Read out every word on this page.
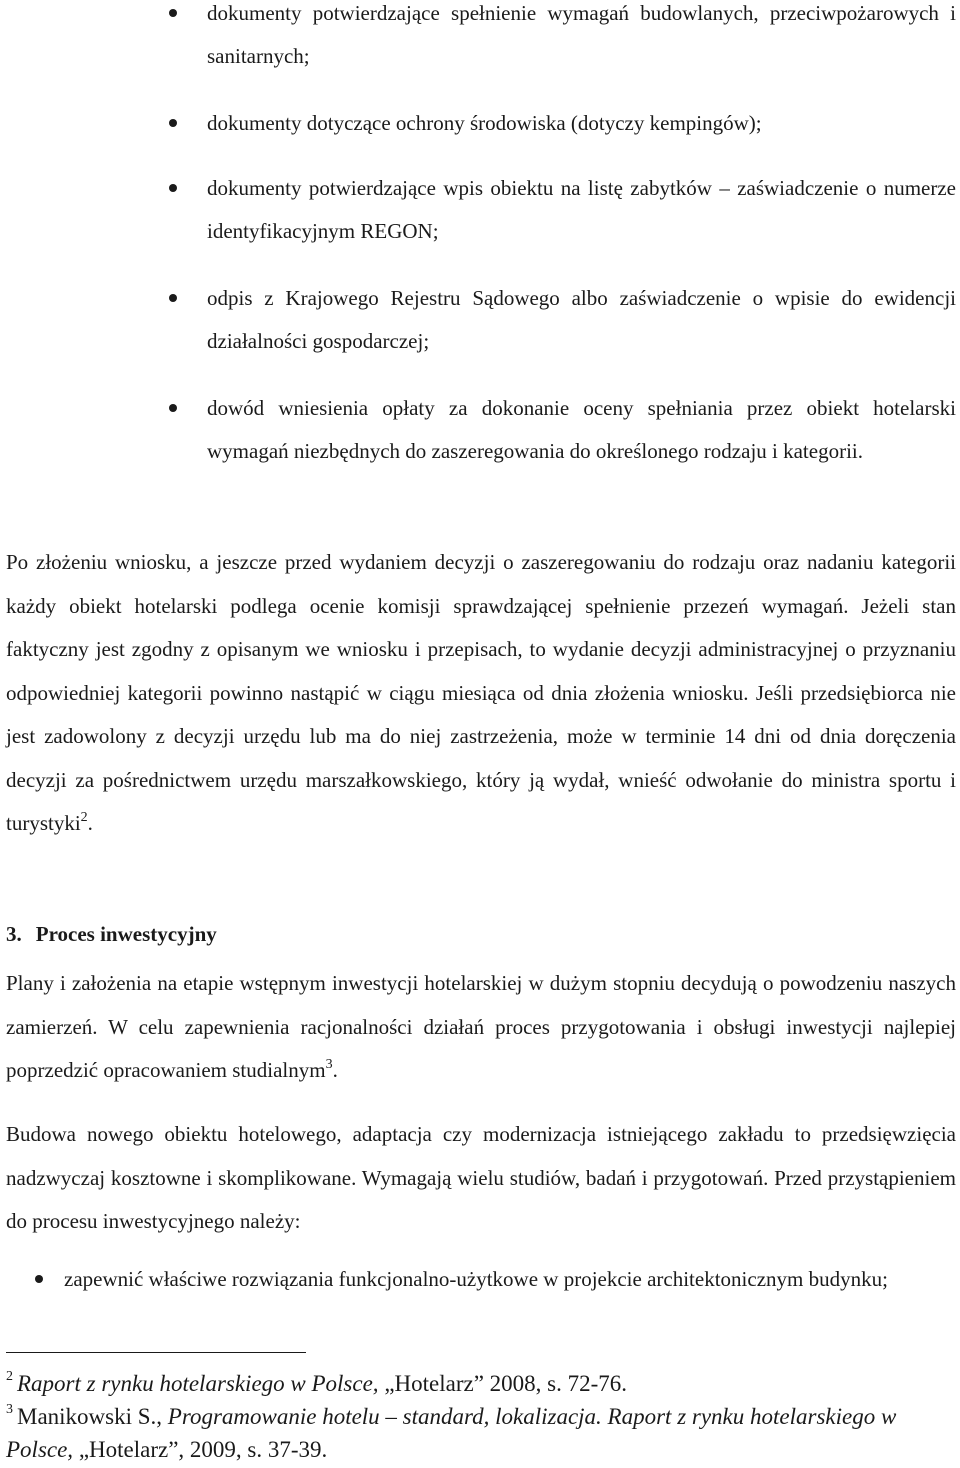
dokumenty potwierdzające spełnienie wymagań budowlanych, przeciwpożarowych i sanitarnych;
dokumenty dotyczące ochrony środowiska (dotyczy kempingów);
dokumenty potwierdzające wpis obiektu na listę zabytków – zaświadczenie o numerze identyfikacyjnym REGON;
odpis z Krajowego Rejestru Sądowego albo zaświadczenie o wpisie do ewidencji działalności gospodarczej;
dowód wniesienia opłaty za dokonanie oceny spełniania przez obiekt hotelarski wymagań niezbędnych do zaszeregowania do określonego rodzaju i kategorii.

Po złożeniu wniosku, a jeszcze przed wydaniem decyzji o zaszeregowaniu do rodzaju oraz nadaniu kategorii każdy obiekt hotelarski podlega ocenie komisji sprawdzającej spełnienie przezeń wymagań. Jeżeli stan faktyczny jest zgodny z opisanym we wniosku i przepisach, to wydanie decyzji administracyjnej o przyznaniu odpowiedniej kategorii powinno nastąpić w ciągu miesiąca od dnia złożenia wniosku. Jeśli przedsiębiorca nie jest zadowolony z decyzji urzędu lub ma do niej zastrzeżenia, może w terminie 14 dni od dnia doręczenia decyzji za pośrednictwem urzędu marszałkowskiego, który ją wydał, wnieść odwołanie do ministra sportu i turystyki$^2$.

3. Proces inwestycyjny

Plany i założenia na etapie wstępnym inwestycji hotelarskiej w dużym stopniu decydują o powodzeniu naszych zamierzeń. W celu zapewnienia racjonalności działań proces przygotowania i obsługi inwestycji najlepiej poprzedzić opracowaniem studialnym$^3$.

Budowa nowego obiektu hotelowego, adaptacja czy modernizacja istniejącego zakładu to przedsięwzięcia nadzwyczaj kosztowne i skomplikowane. Wymagają wielu studiów, badań i przygotowań. Przed przystąpieniem do procesu inwestycyjnego należy:

zapewnić właściwe rozwiązania funkcjonalno-użytkowe w projekcie architektonicznym budynku;

$^2$ Raport z rynku hotelarskiego w Polsce, „Hotelarz” 2008, s. 72-76.

$^3$ Manikowski S., Programowanie hotelu – standard, lokalizacja. Raport z rynku hotelarskiego w Polsce, „Hotelarz”, 2009, s. 37-39.
